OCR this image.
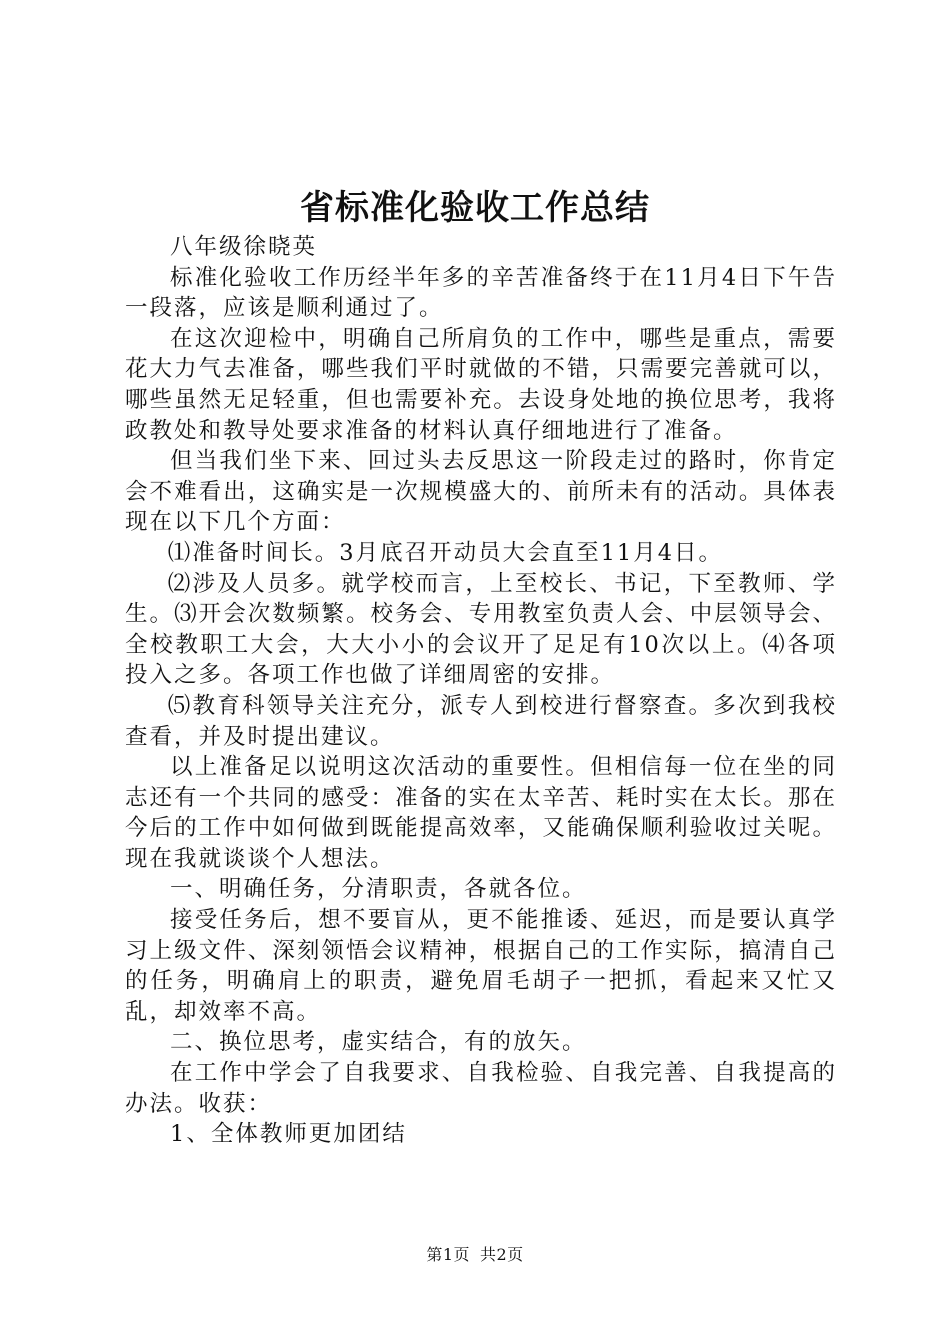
省标准化验收工作总结

八年级徐晓英

标准化验收工作历经半年多的辛苦准备终于在11月4日下午告一段落，应该是顺利通过了。

在这次迎检中，明确自己所肩负的工作中，哪些是重点，需要花大力气去准备，哪些我们平时就做的不错，只需要完善就可以，哪些虽然无足轻重，但也需要补充。去设身处地的换位思考，我将政教处和教导处要求准备的材料认真仔细地进行了准备。

但当我们坐下来、回过头去反思这一阶段走过的路时，你肯定会不难看出，这确实是一次规模盛大的、前所未有的活动。具体表现在以下几个方面：

⑴准备时间长。3月底召开动员大会直至11月4日。

⑵涉及人员多。就学校而言，上至校长、书记，下至教师、学生。⑶开会次数频繁。校务会、专用教室负责人会、中层领导会、全校教职工大会，大大小小的会议开了足足有10次以上。⑷各项投入之多。各项工作也做了详细周密的安排。

⑸教育科领导关注充分，派专人到校进行督察查。多次到我校查看，并及时提出建议。

以上准备足以说明这次活动的重要性。但相信每一位在坐的同志还有一个共同的感受：准备的实在太辛苦、耗时实在太长。那在今后的工作中如何做到既能提高效率，又能确保顺利验收过关呢。现在我就谈谈个人想法。

一、明确任务，分清职责，各就各位。

接受任务后，想不要盲从，更不能推诿、延迟，而是要认真学习上级文件、深刻领悟会议精神，根据自己的工作实际，搞清自己的任务，明确肩上的职责，避免眉毛胡子一把抓，看起来又忙又乱，却效率不高。

二、换位思考，虚实结合，有的放矢。

在工作中学会了自我要求、自我检验、自我完善、自我提高的办法。收获：

1、全体教师更加团结

第1页 共2页
